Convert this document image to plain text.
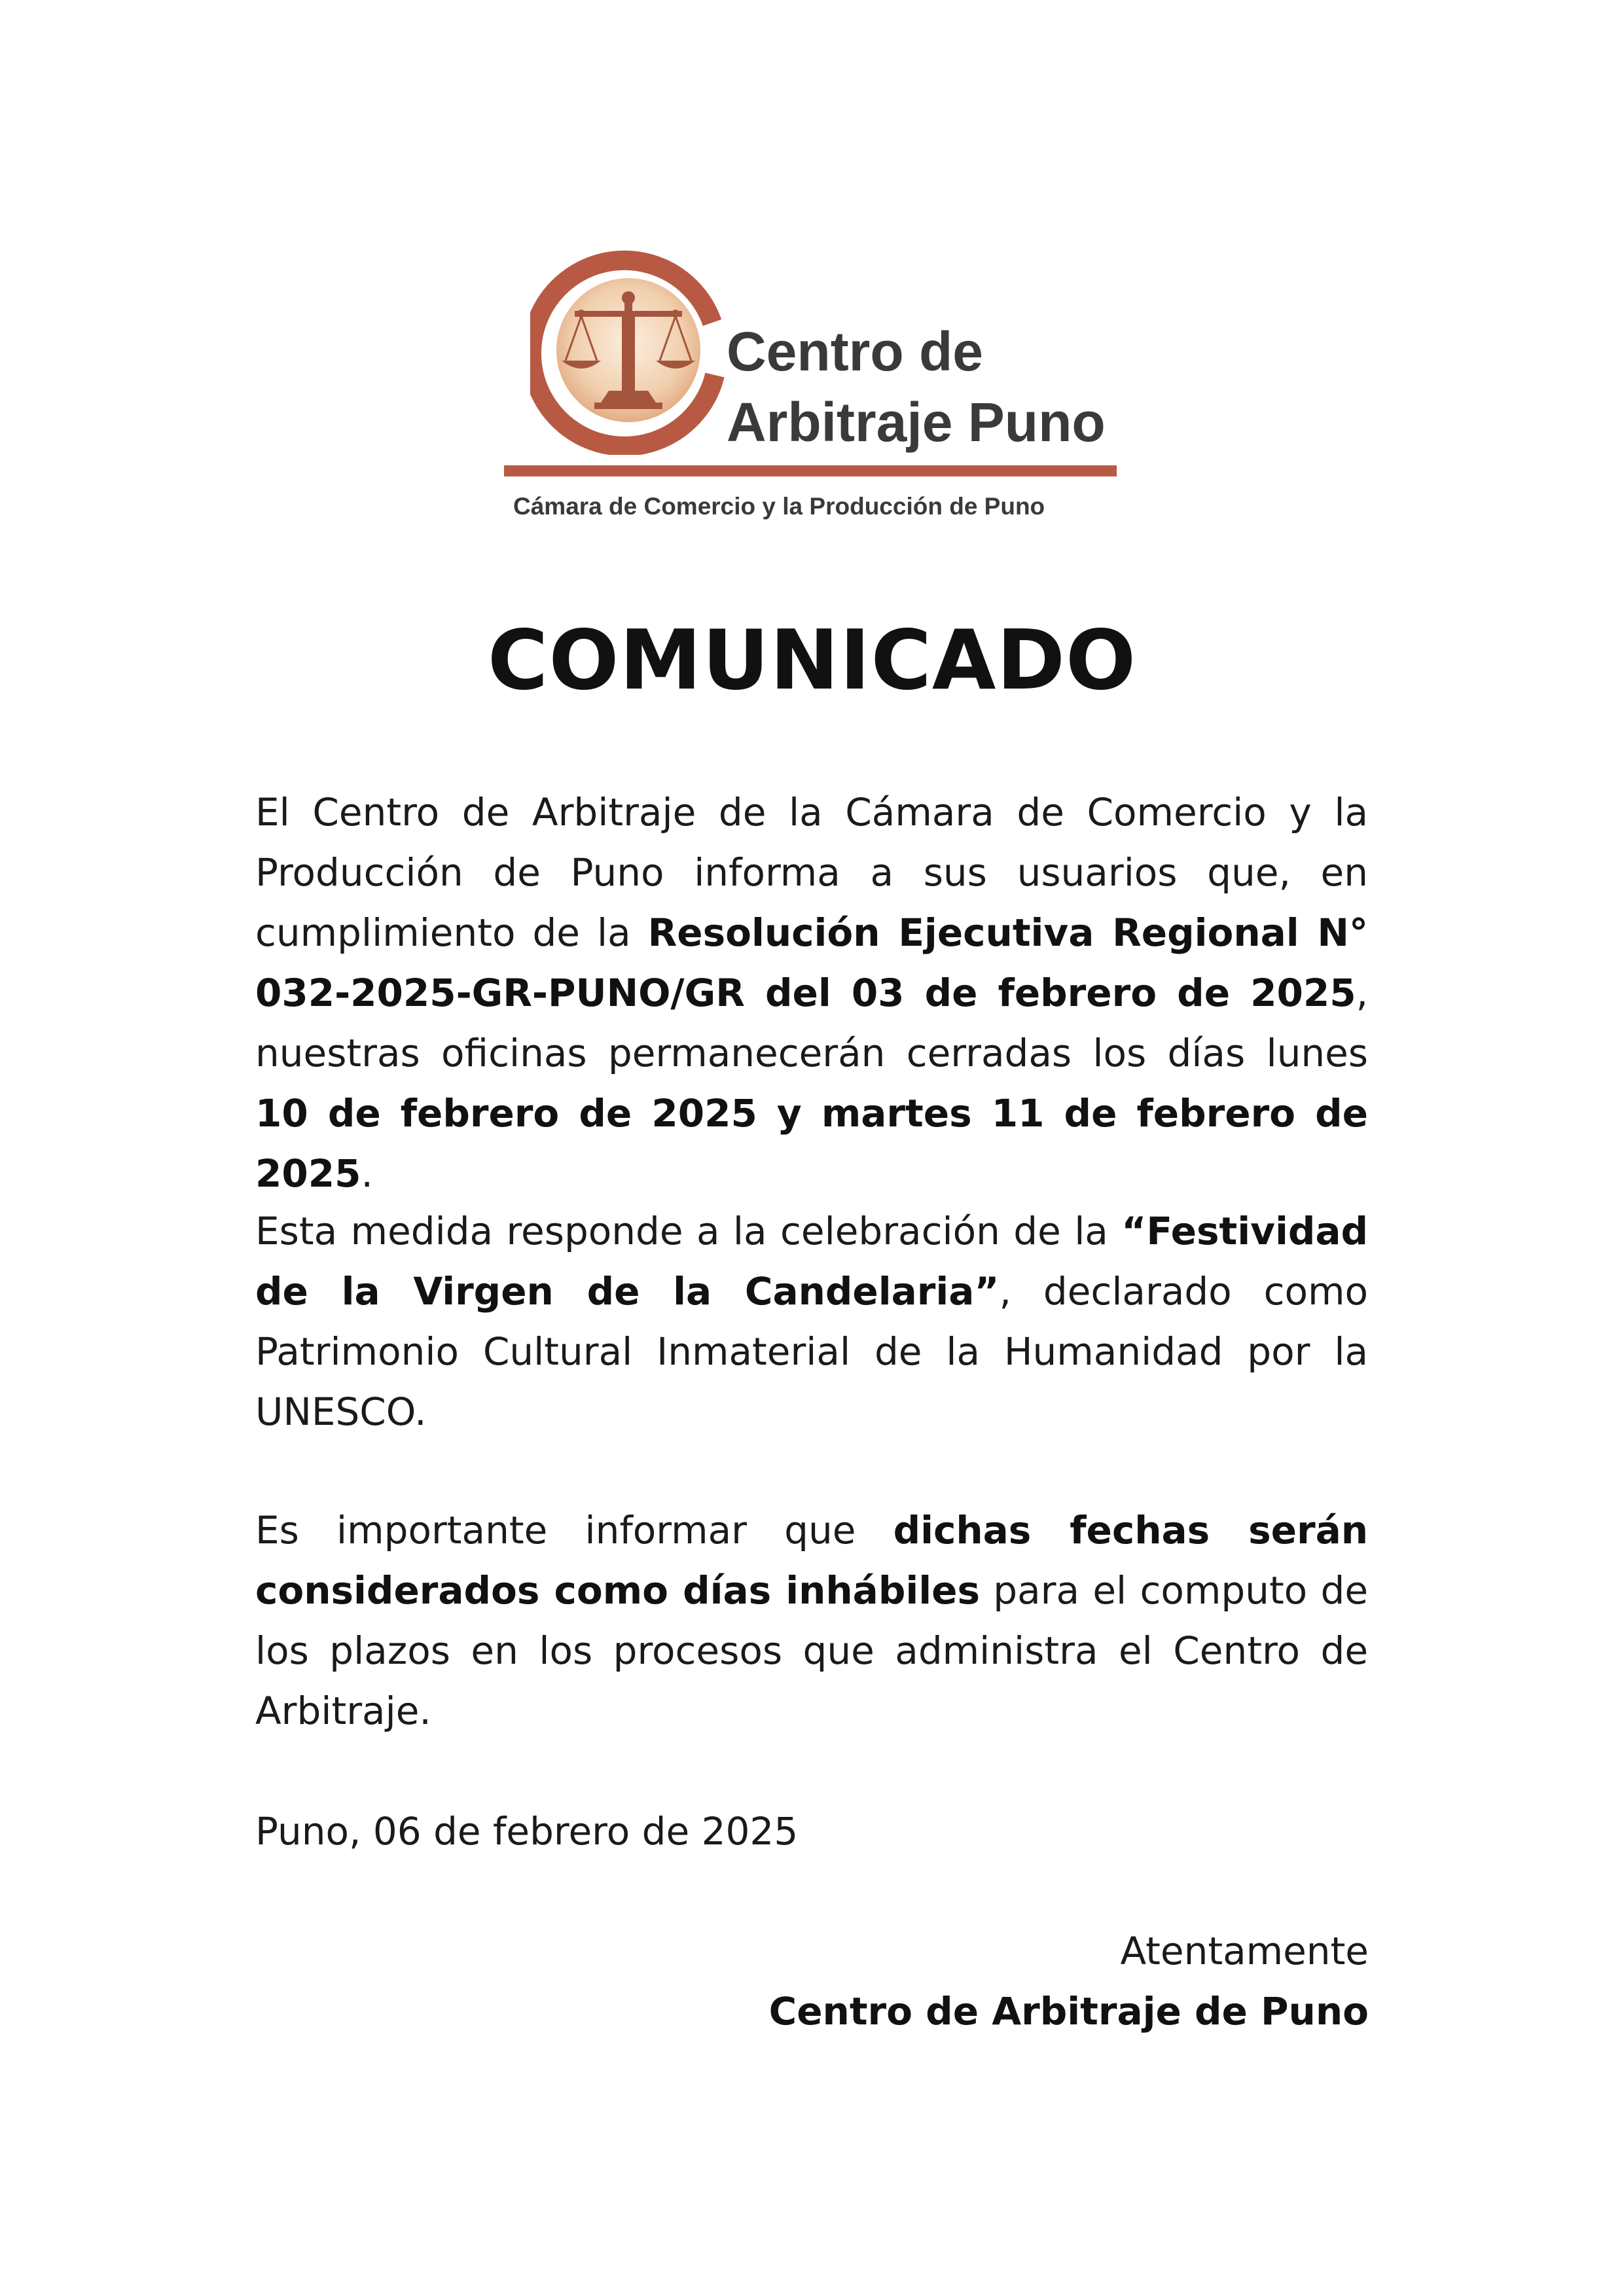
Centro de
Arbitraje Puno
Cámara de Comercio y la Producción de Puno
COMUNICADO

El Centro de Arbitraje de la Cámara de Comercio y la Producción de Puno informa a sus usuarios que, en cumplimiento de la Resolución Ejecutiva Regional N° 032-2025-GR-PUNO/GR del 03 de febrero de 2025, nuestras oficinas permanecerán cerradas los días lunes 10 de febrero de 2025 y martes 11 de febrero de 2025.

Esta medida responde a la celebración de la “Festividad de la Virgen de la Candelaria”, declarado como Patrimonio Cultural Inmaterial de la Humanidad por la UNESCO.

Es importante informar que dichas fechas serán considerados como días inhábiles para el computo de los plazos en los procesos que administra el Centro de Arbitraje.

Puno, 06 de febrero de 2025

Atentamente
Centro de Arbitraje de Puno
